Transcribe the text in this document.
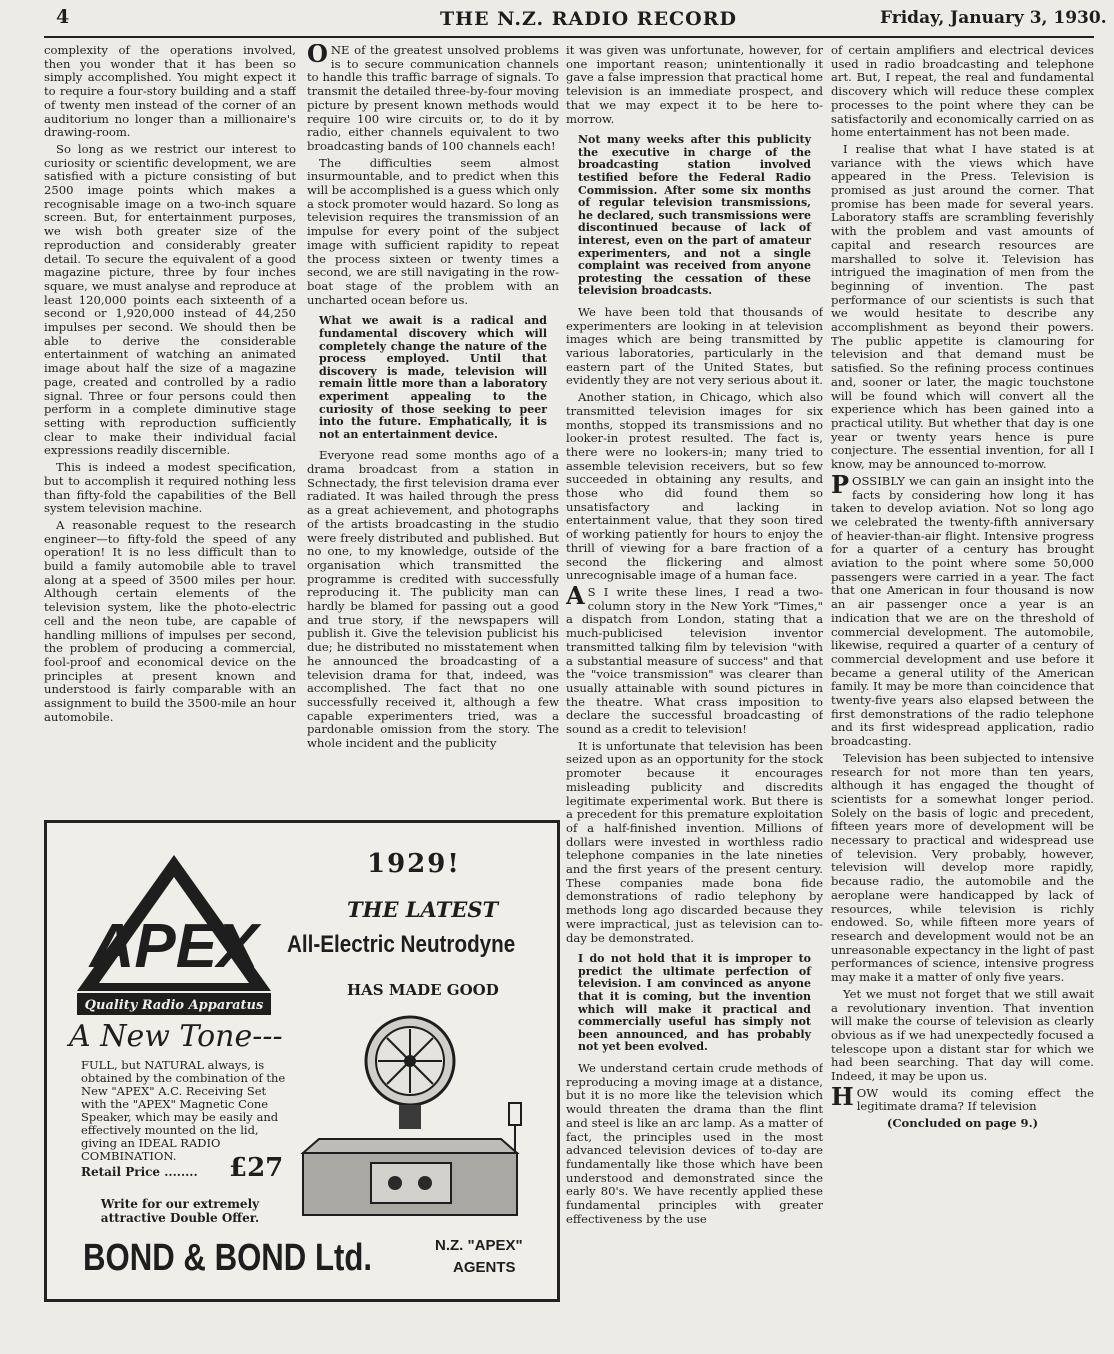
4	THE N.Z. RADIO RECORD	Friday, January 3, 1930.

complexity of the operations involved, then you wonder that it has been so simply accomplished. You might expect it to require a four-story building and a staff of twenty men instead of the corner of an auditorium no longer than a millionaire's drawing-room.

So long as we restrict our interest to curiosity or scientific development, we are satisfied with a picture consisting of but 2500 image points which makes a recognisable image on a two-inch square screen. But, for entertainment purposes, we wish both greater size of the reproduction and considerably greater detail. To secure the equivalent of a good magazine picture, three by four inches square, we must analyse and reproduce at least 120,000 points each sixteenth of a second or 1,920,000 instead of 44,250 impulses per second. We should then be able to derive the considerable entertainment of watching an animated image about half the size of a magazine page, created and controlled by a radio signal. Three or four persons could then perform in a complete diminutive stage setting with reproduction sufficiently clear to make their individual facial expressions readily discernible.

This is indeed a modest specification, but to accomplish it required nothing less than fifty-fold the capabilities of the Bell system television machine.

A reasonable request to the research engineer—to fifty-fold the speed of any operation! It is no less difficult than to build a family automobile able to travel along at a speed of 3500 miles per hour. Although certain elements of the television system, like the photo-electric cell and the neon tube, are capable of handling millions of impulses per second, the problem of producing a commercial, fool-proof and economical device on the principles at present known and understood is fairly comparable with an assignment to build the 3500-mile an hour automobile.

ONE of the greatest unsolved problems is to secure communication channels to handle this traffic barrage of signals. To transmit the detailed three-by-four moving picture by present known methods would require 100 wire circuits or, to do it by radio, either channels equivalent to two broadcasting bands of 100 channels each!

The difficulties seem almost insurmountable, and to predict when this will be accomplished is a guess which only a stock promoter would hazard. So long as television requires the transmission of an impulse for every point of the subject image with sufficient rapidity to repeat the process sixteen or twenty times a second, we are still navigating in the row-boat stage of the problem with an uncharted ocean before us.

What we await is a radical and fundamental discovery which will completely change the nature of the process employed. Until that discovery is made, television will remain little more than a laboratory experiment appealing to the curiosity of those seeking to peer into the future. Emphatically, it is not an entertainment device.

Everyone read some months ago of a drama broadcast from a station in Schnectady, the first television drama ever radiated. It was hailed through the press as a great achievement, and photographs of the artists broadcasting in the studio were freely distributed and published. But no one, to my knowledge, outside of the organisation which transmitted the programme is credited with successfully reproducing it. The publicity man can hardly be blamed for passing out a good and true story, if the newspapers will publish it. Give the television publicist his due; he distributed no misstatement when he announced the broadcasting of a television drama for that, indeed, was accomplished. The fact that no one successfully received it, although a few capable experimenters tried, was a pardonable omission from the story. The whole incident and the publicity

it was given was unfortunate, however, for one important reason; unintentionally it gave a false impression that practical home television is an immediate prospect, and that we may expect it to be here to-morrow.

Not many weeks after this publicity the executive in charge of the broadcasting station involved testified before the Federal Radio Commission. After some six months of regular television transmissions, he declared, such transmissions were discontinued because of lack of interest, even on the part of amateur experimenters, and not a single complaint was received from anyone protesting the cessation of these television broadcasts.

We have been told that thousands of experimenters are looking in at television images which are being transmitted by various laboratories, particularly in the eastern part of the United States, but evidently they are not very serious about it.

Another station, in Chicago, which also transmitted television images for six months, stopped its transmissions and no looker-in protest resulted. The fact is, there were no lookers-in; many tried to assemble television receivers, but so few succeeded in obtaining any results, and those who did found them so unsatisfactory and lacking in entertainment value, that they soon tired of working patiently for hours to enjoy the thrill of viewing for a bare fraction of a second the flickering and almost unrecognisable image of a human face.

AS I write these lines, I read a two-column story in the New York "Times," a dispatch from London, stating that a much-publicised television inventor transmitted talking film by television "with a substantial measure of success" and that the "voice transmission" was clearer than usually attainable with sound pictures in the theatre. What crass imposition to declare the successful broadcasting of sound as a credit to television!

It is unfortunate that television has been seized upon as an opportunity for the stock promoter because it encourages misleading publicity and discredits legitimate experimental work. But there is a precedent for this premature exploitation of a half-finished invention. Millions of dollars were invested in worthless radio telephone companies in the late nineties and the first years of the present century. These companies made bona fide demonstrations of radio telephony by methods long ago discarded because they were impractical, just as television can to-day be demonstrated.

I do not hold that it is improper to predict the ultimate perfection of television. I am convinced as anyone that it is coming, but the invention which will make it practical and commercially useful has simply not been announced, and has probably not yet been evolved.

We understand certain crude methods of reproducing a moving image at a distance, but it is no more like the television which would threaten the drama than the flint and steel is like an arc lamp. As a matter of fact, the principles used in the most advanced television devices of to-day are fundamentally like those which have been understood and demonstrated since the early 80's. We have recently applied these fundamental principles with greater effectiveness by the use

of certain amplifiers and electrical devices used in radio broadcasting and telephone art. But, I repeat, the real and fundamental discovery which will reduce these complex processes to the point where they can be satisfactorily and economically carried on as home entertainment has not been made.

I realise that what I have stated is at variance with the views which have appeared in the Press. Television is promised as just around the corner. That promise has been made for several years. Laboratory staffs are scrambling feverishly with the problem and vast amounts of capital and research resources are marshalled to solve it. Television has intrigued the imagination of men from the beginning of invention. The past performance of our scientists is such that we would hesitate to describe any accomplishment as beyond their powers. The public appetite is clamouring for television and that demand must be satisfied. So the refining process continues and, sooner or later, the magic touchstone will be found which will convert all the experience which has been gained into a practical utility. But whether that day is one year or twenty years hence is pure conjecture. The essential invention, for all I know, may be announced to-morrow.

POSSIBLY we can gain an insight into the facts by considering how long it has taken to develop aviation. Not so long ago we celebrated the twenty-fifth anniversary of heavier-than-air flight. Intensive progress for a quarter of a century has brought aviation to the point where some 50,000 passengers were carried in a year. The fact that one American in four thousand is now an air passenger once a year is an indication that we are on the threshold of commercial development. The automobile, likewise, required a quarter of a century of commercial development and use before it became a general utility of the American family. It may be more than coincidence that twenty-five years also elapsed between the first demonstrations of the radio telephone and its first widespread application, radio broadcasting.

Television has been subjected to intensive research for not more than ten years, although it has engaged the thought of scientists for a somewhat longer period. Solely on the basis of logic and precedent, fifteen years more of development will be necessary to practical and widespread use of television. Very probably, however, television will develop more rapidly, because radio, the automobile and the aeroplane were handicapped by lack of resources, while television is richly endowed. So, while fifteen more years of research and development would not be an unreasonable expectancy in the light of past performances of science, intensive progress may make it a matter of only five years.

Yet we must not forget that we still await a revolutionary invention. That invention will make the course of television as clearly obvious as if we had unexpectedly focused a telescope upon a distant star for which we had been searching. That day will come. Indeed, it may be upon us.

HOW would its coming effect the legitimate drama? If television

(Concluded on page 9.)

APEX
Quality Radio Apparatus
A New Tone---
FULL, but NATURAL always, is obtained by the combination of the New "APEX" A.C. Receiving Set with the "APEX" Magnetic Cone Speaker, which may be easily and effectively mounted on the lid, giving an IDEAL RADIO COMBINATION.
Retail Price ........ £27
Write for our extremely attractive Double Offer.
1929!
THE LATEST
All-Electric Neutrodyne
HAS MADE GOOD
BOND & BOND Ltd.	N.Z. "APEX"
AGENTS
